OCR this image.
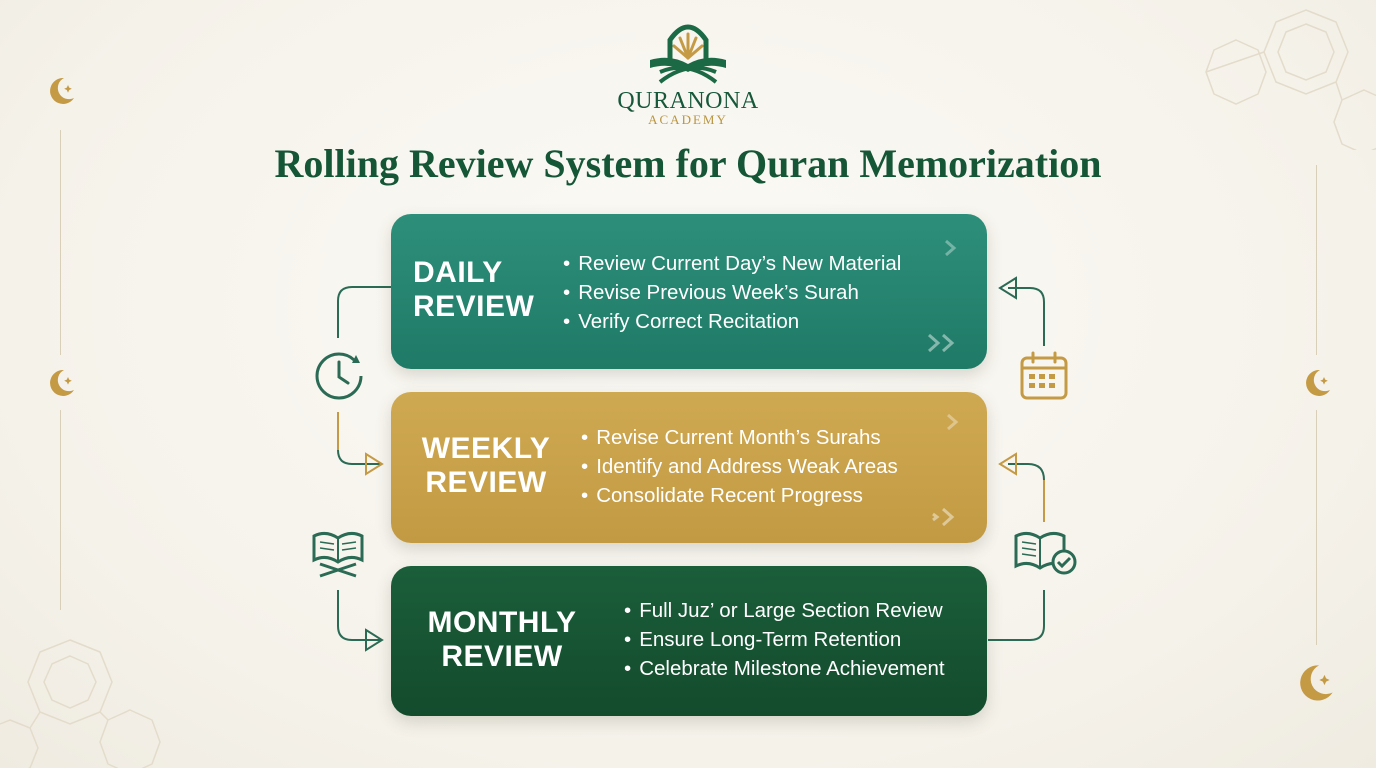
QURANONA
ACADEMY
Rolling Review System for Quran Memorization
DAILY
REVIEW
• Review Current Day’s New Material
• Revise Previous Week’s Surah
• Verify Correct Recitation
WEEKLY
REVIEW
• Revise Current Month’s Surahs
• Identify and Address Weak Areas
• Consolidate Recent Progress
MONTHLY
REVIEW
• Full Juz’ or Large Section Review
• Ensure Long-Term Retention
• Celebrate Milestone Achievement
